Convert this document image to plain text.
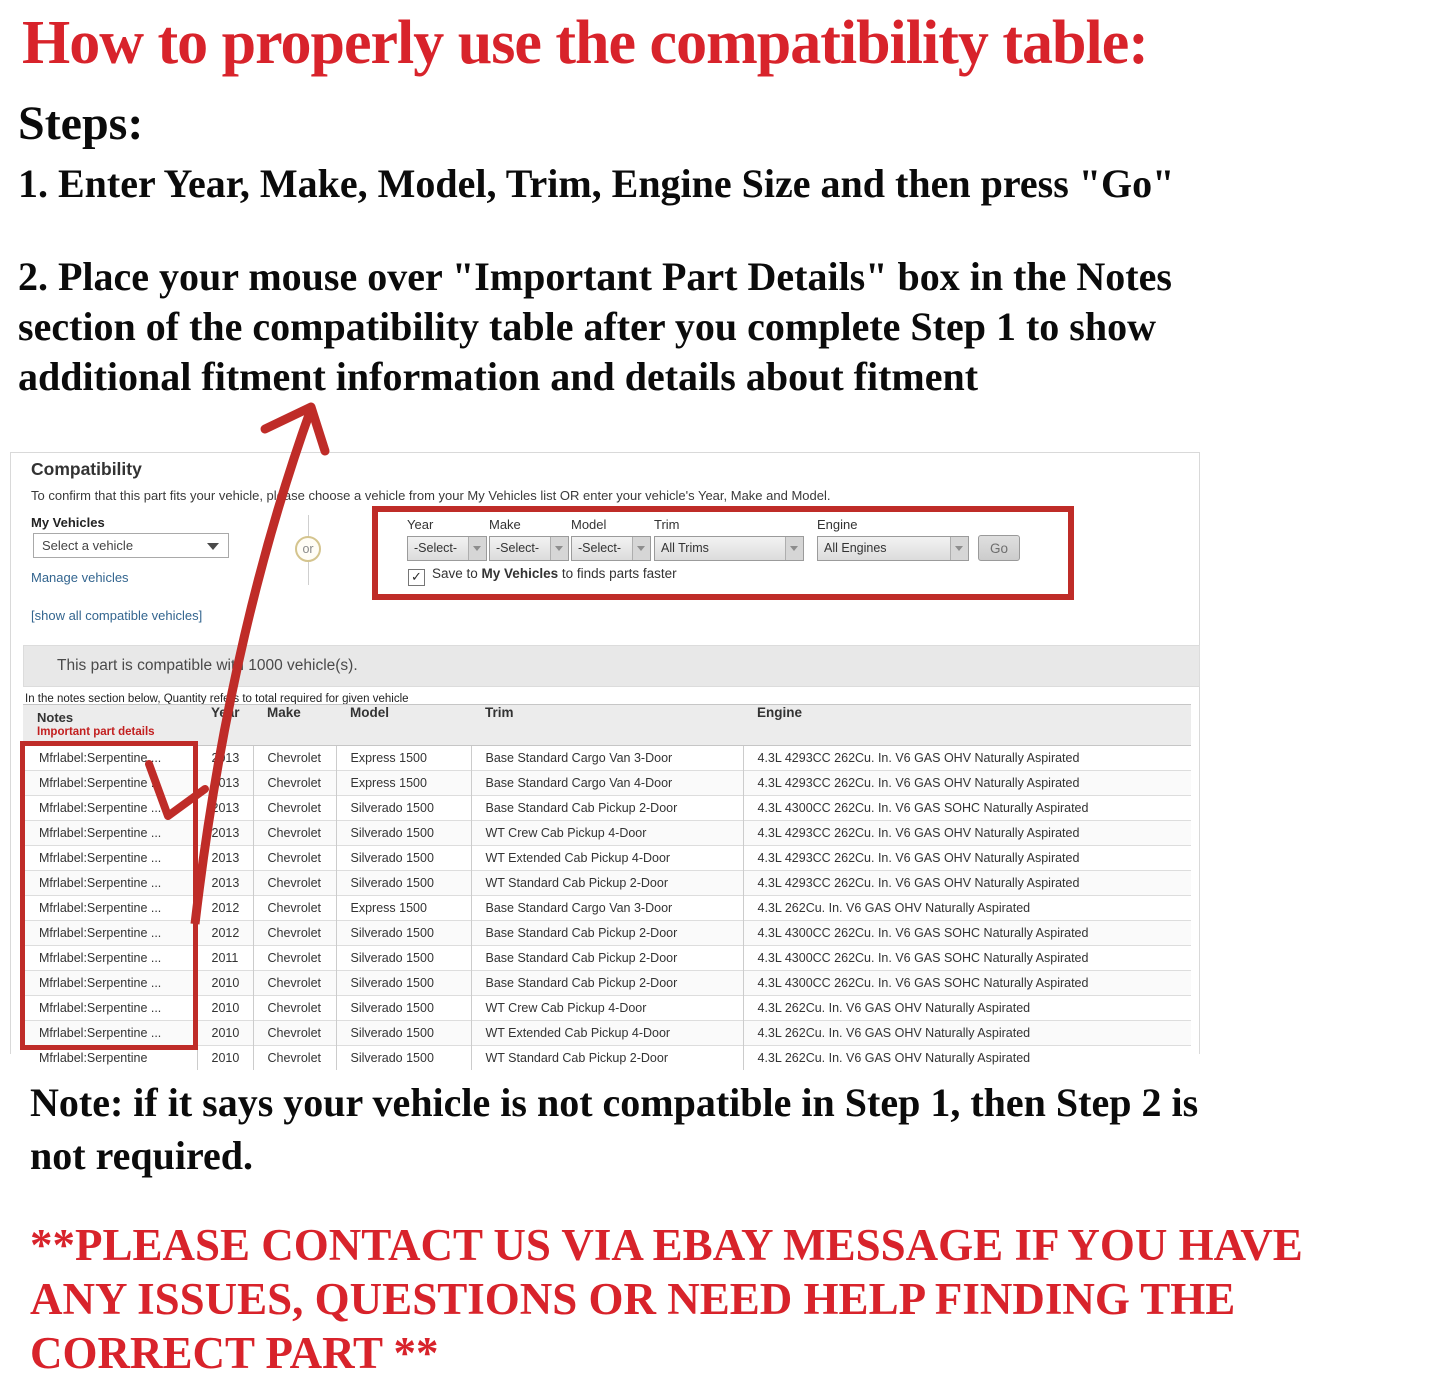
How to properly use the compatibility table:
Steps:
1. Enter Year, Make, Model, Trim, Engine Size and then press "Go"
2. Place your mouse over "Important Part Details" box in the Notes
section of the compatibility table after you complete Step 1 to show
additional fitment information and details about fitment
Compatibility
To confirm that this part fits your vehicle, please choose a vehicle from your My Vehicles list OR enter your vehicle's Year, Make and Model.
My Vehicles
Select a vehicle
Manage vehicles
[show all compatible vehicles]
or
Year
-Select-
Make
-Select-
Model
-Select-
Trim
All Trims
Engine
All Engines	Go
✓ Save to My Vehicles to finds parts faster
This part is compatible with 1000 vehicle(s).
In the notes section below, Quantity refers to total required for given vehicle
Notes
Important part details	Year	Make	Model	Trim	Engine
Mfrlabel:Serpentine ...	2013	Chevrolet	Express 1500	Base Standard Cargo Van 3-Door	4.3L 4293CC 262Cu. In. V6 GAS OHV Naturally Aspirated
Mfrlabel:Serpentine ...	2013	Chevrolet	Express 1500	Base Standard Cargo Van 4-Door	4.3L 4293CC 262Cu. In. V6 GAS OHV Naturally Aspirated
Mfrlabel:Serpentine ...	2013	Chevrolet	Silverado 1500	Base Standard Cab Pickup 2-Door	4.3L 4300CC 262Cu. In. V6 GAS SOHC Naturally Aspirated
Mfrlabel:Serpentine ...	2013	Chevrolet	Silverado 1500	WT Crew Cab Pickup 4-Door	4.3L 4293CC 262Cu. In. V6 GAS OHV Naturally Aspirated
Mfrlabel:Serpentine ...	2013	Chevrolet	Silverado 1500	WT Extended Cab Pickup 4-Door	4.3L 4293CC 262Cu. In. V6 GAS OHV Naturally Aspirated
Mfrlabel:Serpentine ...	2013	Chevrolet	Silverado 1500	WT Standard Cab Pickup 2-Door	4.3L 4293CC 262Cu. In. V6 GAS OHV Naturally Aspirated
Mfrlabel:Serpentine ...	2012	Chevrolet	Express 1500	Base Standard Cargo Van 3-Door	4.3L 262Cu. In. V6 GAS OHV Naturally Aspirated
Mfrlabel:Serpentine ...	2012	Chevrolet	Silverado 1500	Base Standard Cab Pickup 2-Door	4.3L 4300CC 262Cu. In. V6 GAS SOHC Naturally Aspirated
Mfrlabel:Serpentine ...	2011	Chevrolet	Silverado 1500	Base Standard Cab Pickup 2-Door	4.3L 4300CC 262Cu. In. V6 GAS SOHC Naturally Aspirated
Mfrlabel:Serpentine ...	2010	Chevrolet	Silverado 1500	Base Standard Cab Pickup 2-Door	4.3L 4300CC 262Cu. In. V6 GAS SOHC Naturally Aspirated
Mfrlabel:Serpentine ...	2010	Chevrolet	Silverado 1500	WT Crew Cab Pickup 4-Door	4.3L 262Cu. In. V6 GAS OHV Naturally Aspirated
Mfrlabel:Serpentine ...	2010	Chevrolet	Silverado 1500	WT Extended Cab Pickup 4-Door	4.3L 262Cu. In. V6 GAS OHV Naturally Aspirated
Mfrlabel:Serpentine	2010	Chevrolet	Silverado 1500	WT Standard Cab Pickup 2-Door	4.3L 262Cu. In. V6 GAS OHV Naturally Aspirated
Note: if it says your vehicle is not compatible in Step 1, then Step 2 is
not required.
**PLEASE CONTACT US VIA EBAY MESSAGE IF YOU HAVE
ANY ISSUES, QUESTIONS OR NEED HELP FINDING THE
CORRECT PART **
